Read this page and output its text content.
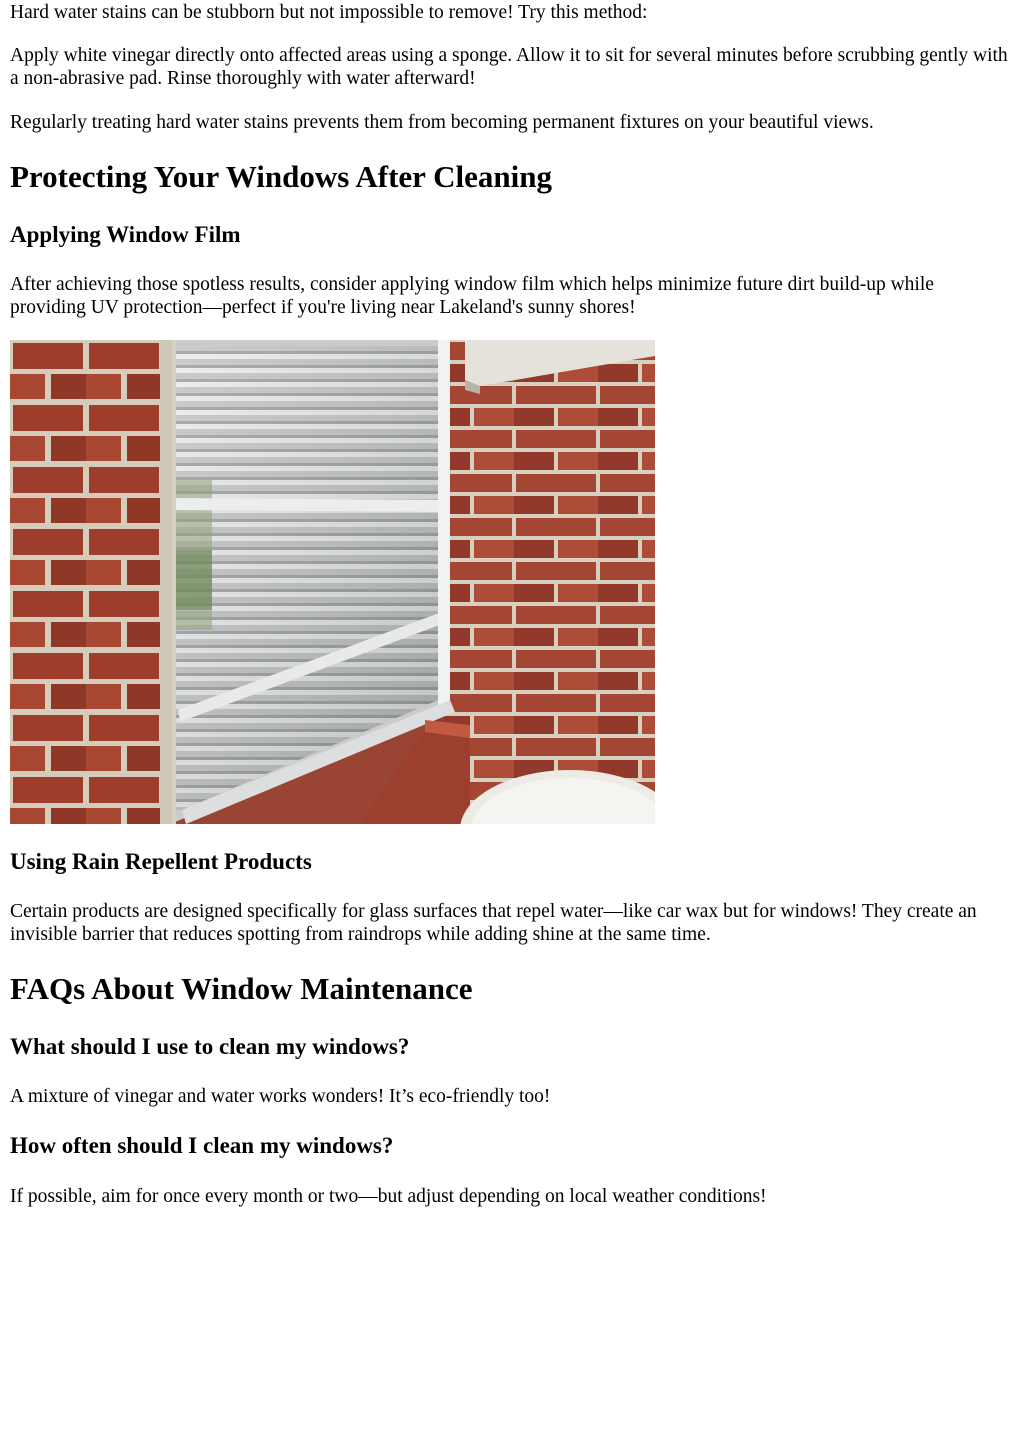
Hard water stains can be stubborn but not impossible to remove! Try this method:

Apply white vinegar directly onto affected areas using a sponge. Allow it to sit for several minutes before scrubbing gently with a non-abrasive pad. Rinse thoroughly with water afterward!

Regularly treating hard water stains prevents them from becoming permanent fixtures on your beautiful views.

Protecting Your Windows After Cleaning
Applying Window Film

After achieving those spotless results, consider applying window film which helps minimize future dirt build-up while providing UV protection—perfect if you're living near Lakeland's sunny shores!

Using Rain Repellent Products

Certain products are designed specifically for glass surfaces that repel water—like car wax but for windows! They create an invisible barrier that reduces spotting from raindrops while adding shine at the same time.

FAQs About Window Maintenance
What should I use to clean my windows?

A mixture of vinegar and water works wonders! It’s eco-friendly too!

How often should I clean my windows?

If possible, aim for once every month or two—but adjust depending on local weather conditions!
